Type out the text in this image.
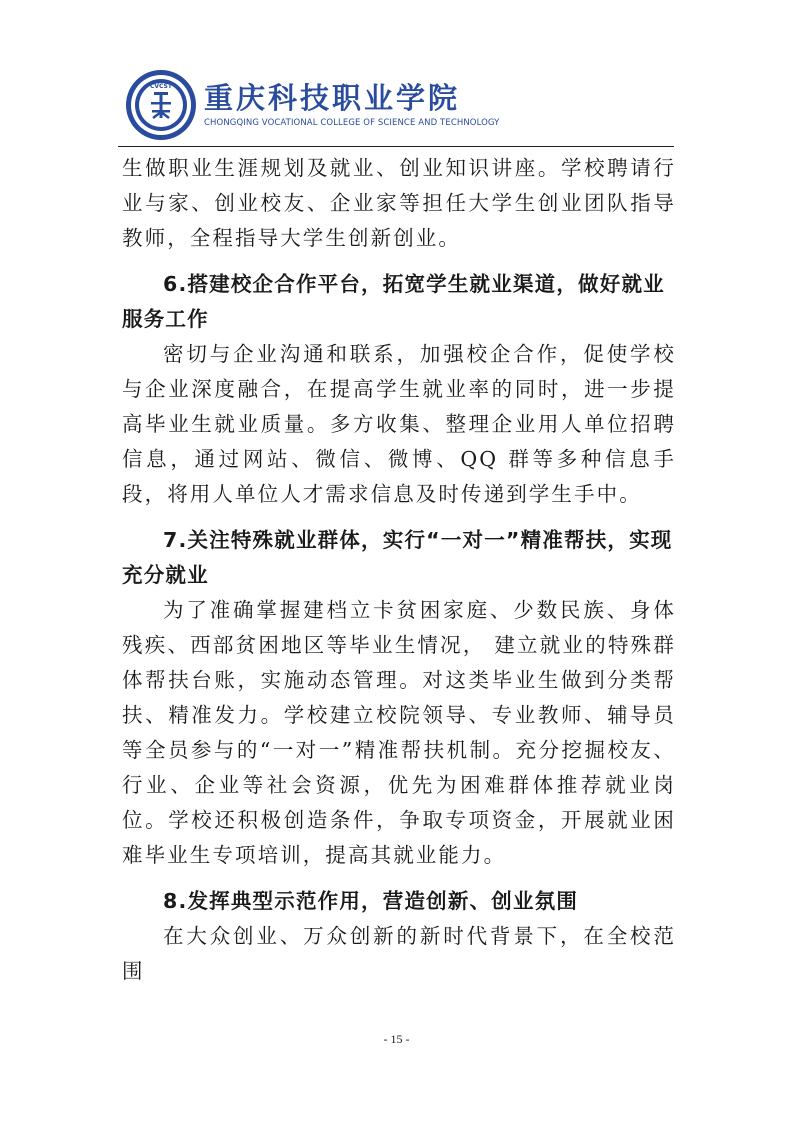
CVCST 重庆科技职业学院
CHONGQING VOCATIONAL COLLEGE OF SCIENCE AND TECHNOLOGY

生做职业生涯规划及就业、创业知识讲座。学校聘请行业与家、创业校友、企业家等担任大学生创业团队指导教师，全程指导大学生创新创业。

6.搭建校企合作平台，拓宽学生就业渠道，做好就业服务工作

密切与企业沟通和联系，加强校企合作，促使学校与企业深度融合，在提高学生就业率的同时，进一步提高毕业生就业质量。多方收集、整理企业用人单位招聘信息，通过网站、微信、微博、QQ 群等多种信息手段，将用人单位人才需求信息及时传递到学生手中。

7.关注特殊就业群体，实行“一对一”精准帮扶，实现充分就业

为了准确掌握建档立卡贫困家庭、少数民族、身体残疾、西部贫困地区等毕业生情况， 建立就业的特殊群体帮扶台账，实施动态管理。对这类毕业生做到分类帮扶、精准发力。学校建立校院领导、专业教师、辅导员等全员参与的“一对一”精准帮扶机制。充分挖掘校友、行业、企业等社会资源，优先为困难群体推荐就业岗位。学校还积极创造条件，争取专项资金，开展就业困难毕业生专项培训，提高其就业能力。

8.发挥典型示范作用，营造创新、创业氛围

在大众创业、万众创新的新时代背景下，在全校范围

- 15 -
